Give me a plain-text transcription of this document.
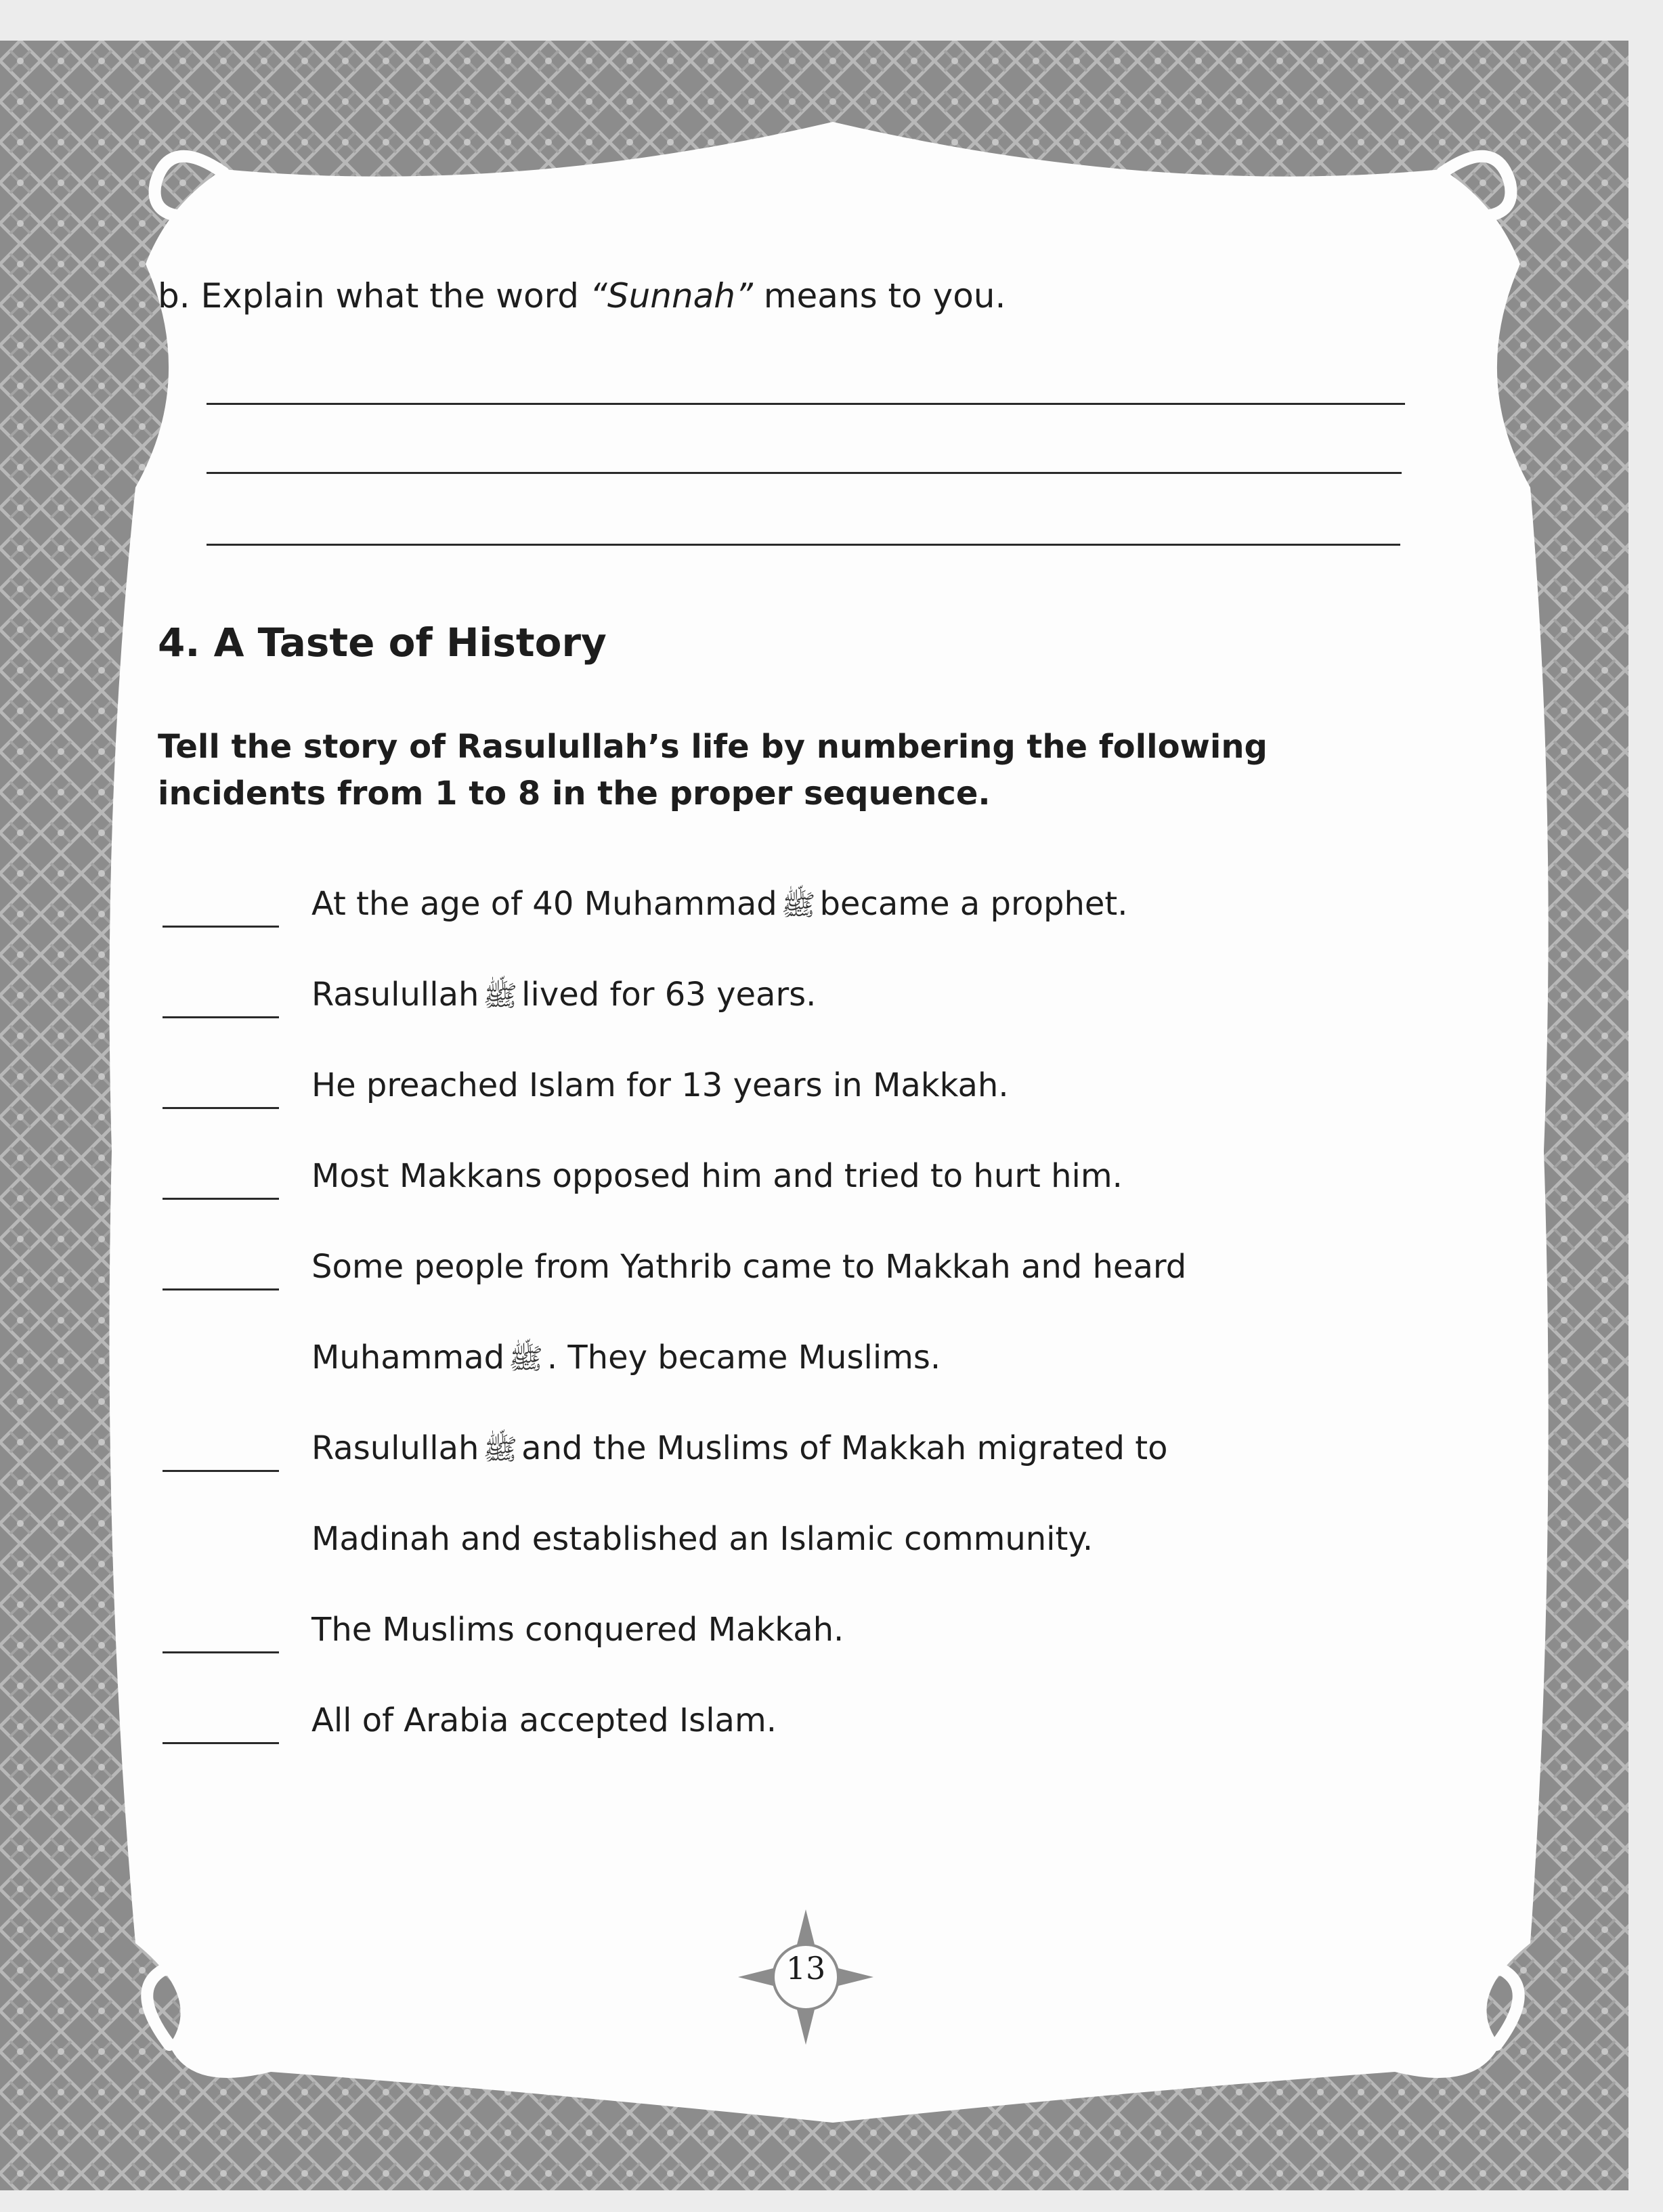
b. Explain what the word “Sunnah” means to you.
4. A Taste of History
Tell the story of Rasulullah’s life by numbering the following
incidents from 1 to 8 in the proper sequence.
At the age of 40 Muhammad ﷺ became a prophet.
Rasulullah ﷺ lived for 63 years.
He preached Islam for 13 years in Makkah.
Most Makkans opposed him and tried to hurt him.
Some people from Yathrib came to Makkah and heard
Muhammad ﷺ . They became Muslims.
Rasulullah ﷺ and the Muslims of Makkah migrated to
Madinah and established an Islamic community.
The Muslims conquered Makkah.
All of Arabia accepted Islam.
13
